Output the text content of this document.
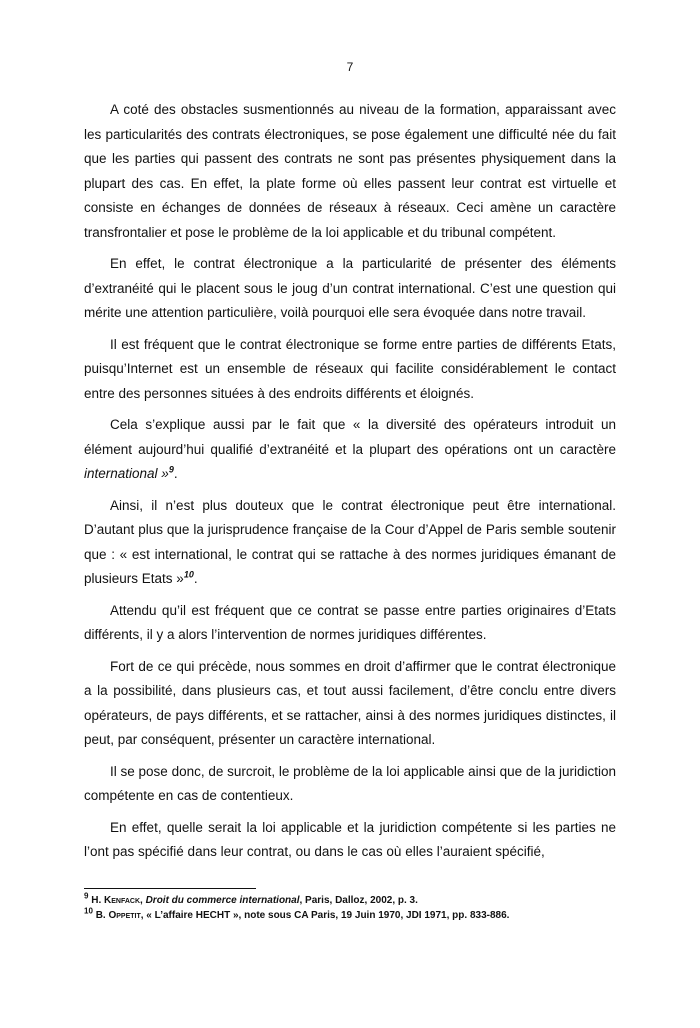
7

A coté des obstacles susmentionnés au niveau de la formation, apparaissant avec les particularités des contrats électroniques, se pose également une difficulté née du fait que les parties qui passent des contrats ne sont pas présentes physiquement dans la plupart des cas. En effet, la plate forme où elles passent leur contrat est virtuelle et consiste en échanges de données de réseaux à réseaux. Ceci amène un caractère transfrontalier et pose le problème de la loi applicable et du tribunal compétent.

En effet, le contrat électronique a la particularité de présenter des éléments d’extranéité qui le placent sous le joug d’un contrat international. C’est une question qui mérite une attention particulière, voilà pourquoi elle sera évoquée dans notre travail.

Il est fréquent que le contrat électronique se forme entre parties de différents Etats, puisqu’Internet est un ensemble de réseaux qui facilite considérablement le contact entre des personnes situées à des endroits différents et éloignés.

Cela s’explique aussi par le fait que « la diversité des opérateurs introduit un élément aujourd’hui qualifié d’extranéité et la plupart des opérations ont un caractère international »$^9$.

Ainsi, il n’est plus douteux que le contrat électronique peut être international. D’autant plus que la jurisprudence française de la Cour d’Appel de Paris semble soutenir que : « est international, le contrat qui se rattache à des normes juridiques émanant de plusieurs Etats »$^{10}$.

Attendu qu’il est fréquent que ce contrat se passe entre parties originaires d’Etats différents, il y a alors l’intervention de normes juridiques différentes.

Fort de ce qui précède, nous sommes en droit d’affirmer que le contrat électronique a la possibilité, dans plusieurs cas, et tout aussi facilement, d’être conclu entre divers opérateurs, de pays différents, et se rattacher, ainsi à des normes juridiques distinctes, il peut, par conséquent, présenter un caractère international.

Il se pose donc, de surcroit, le problème de la loi applicable ainsi que de la juridiction compétente en cas de contentieux.

En effet, quelle serait la loi applicable et la juridiction compétente si les parties ne l’ont pas spécifié dans leur contrat, ou dans le cas où elles l’auraient spécifié,

$^9$ H. Kenfack, Droit du commerce international, Paris, Dalloz, 2002, p. 3.

$^{10}$ B. Oppetit, « L’affaire HECHT », note sous CA Paris, 19 Juin 1970, JDI 1971, pp. 833-886.
